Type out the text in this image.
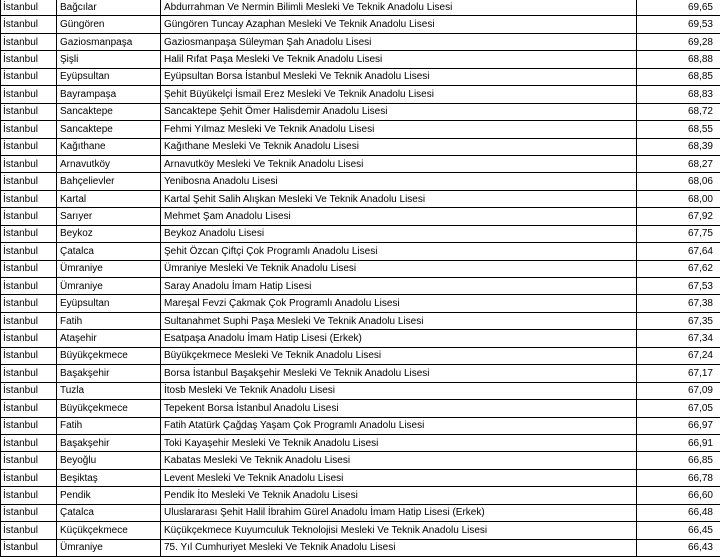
İstanbul	Bağcılar	Abdurrahman Ve Nermin Bilimli Mesleki Ve Teknik Anadolu Lisesi	69,65
İstanbul	Güngören	Güngören Tuncay Azaphan Mesleki Ve Teknik Anadolu Lisesi	69,53
İstanbul	Gaziosmanpaşa	Gaziosmanpaşa Süleyman Şah Anadolu Lisesi	69,28
İstanbul	Şişli	Halil Rıfat Paşa Mesleki Ve Teknik Anadolu Lisesi	68,88
İstanbul	Eyüpsultan	Eyüpsultan Borsa İstanbul Mesleki Ve Teknik Anadolu Lisesi	68,85
İstanbul	Bayrampaşa	Şehit Büyükelçi İsmail Erez Mesleki Ve Teknik Anadolu Lisesi	68,83
İstanbul	Sancaktepe	Sancaktepe Şehit Ömer Halisdemir Anadolu Lisesi	68,72
İstanbul	Sancaktepe	Fehmi Yılmaz Mesleki Ve Teknik Anadolu Lisesi	68,55
İstanbul	Kağıthane	Kağıthane Mesleki Ve Teknik Anadolu Lisesi	68,39
İstanbul	Arnavutköy	Arnavutköy Mesleki Ve Teknik Anadolu Lisesi	68,27
İstanbul	Bahçelievler	Yenibosna Anadolu Lisesi	68,06
İstanbul	Kartal	Kartal Şehit Salih Alışkan Mesleki Ve Teknik Anadolu Lisesi	68,00
İstanbul	Sarıyer	Mehmet Şam Anadolu Lisesi	67,92
İstanbul	Beykoz	Beykoz Anadolu Lisesi	67,75
İstanbul	Çatalca	Şehit Özcan Çiftçi Çok Programlı Anadolu Lisesi	67,64
İstanbul	Ümraniye	Ümraniye Mesleki Ve Teknik Anadolu Lisesi	67,62
İstanbul	Ümraniye	Saray Anadolu İmam Hatip Lisesi	67,53
İstanbul	Eyüpsultan	Mareşal Fevzi Çakmak Çok Programlı Anadolu Lisesi	67,38
İstanbul	Fatih	Sultanahmet Suphi Paşa Mesleki Ve Teknik Anadolu Lisesi	67,35
İstanbul	Ataşehir	Esatpaşa Anadolu İmam Hatip Lisesi (Erkek)	67,34
İstanbul	Büyükçekmece	Büyükçekmece Mesleki Ve Teknik Anadolu Lisesi	67,24
İstanbul	Başakşehir	Borsa İstanbul Başakşehir Mesleki Ve Teknik Anadolu Lisesi	67,17
İstanbul	Tuzla	İtosb Mesleki Ve Teknik Anadolu Lisesi	67,09
İstanbul	Büyükçekmece	Tepekent Borsa İstanbul Anadolu Lisesi	67,05
İstanbul	Fatih	Fatih Atatürk Çağdaş Yaşam Çok Programlı Anadolu Lisesi	66,97
İstanbul	Başakşehir	Toki Kayaşehir Mesleki Ve Teknik Anadolu Lisesi	66,91
İstanbul	Beyoğlu	Kabatas Mesleki Ve Teknik Anadolu Lisesi	66,85
İstanbul	Beşiktaş	Levent Mesleki Ve Teknik Anadolu Lisesi	66,78
İstanbul	Pendik	Pendik İto Mesleki Ve Teknik Anadolu Lisesi	66,60
İstanbul	Çatalca	Uluslararası Şehit Halil İbrahim Gürel Anadolu İmam Hatip Lisesi (Erkek)	66,48
İstanbul	Küçükçekmece	Küçükçekmece Kuyumculuk Teknolojisi Mesleki Ve Teknik Anadolu Lisesi	66,45
İstanbul	Ümraniye	75. Yıl Cumhuriyet Mesleki Ve Teknik Anadolu Lisesi	66,43
